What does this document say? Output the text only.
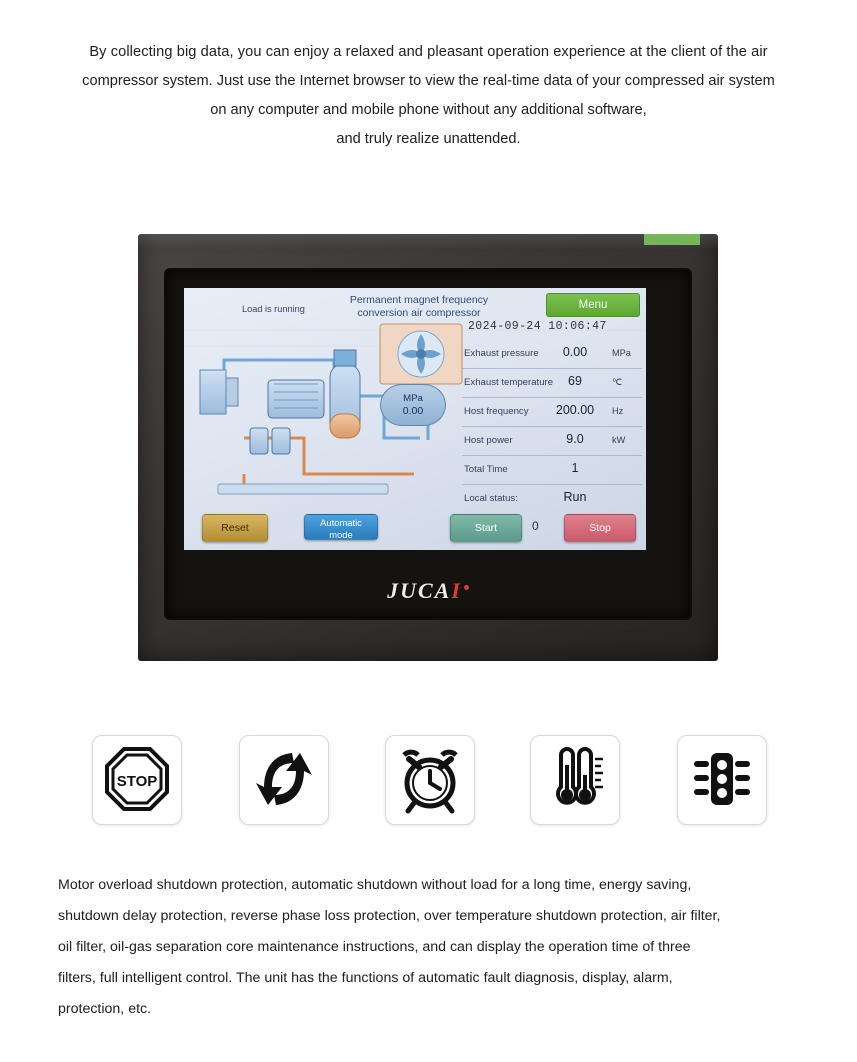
By collecting big data, you can enjoy a relaxed and pleasant operation experience at the client of the air
compressor system. Just use the Internet browser to view the real-time data of your compressed air system
on any computer and mobile phone without any additional software,
and truly realize unattended.
Permanent magnet frequency
conversion air compressor
Menu
2024-09-24 10:06:47
Load is running
MPa
0.00
Exhaust pressure	0.00	MPa
Exhaust temperature	69	℃
Host frequency	200.00	Hz
Host power	9.0	kW
Total Time	1
Local status:	Run
Reset	Automatic
mode
Start	0	Stop
JUCAI
STOP
Motor overload shutdown protection, automatic shutdown without load for a long time, energy saving,
shutdown delay protection, reverse phase loss protection, over temperature shutdown protection, air filter,
oil filter, oil-gas separation core maintenance instructions, and can display the operation time of three
filters, full intelligent control. The unit has the functions of automatic fault diagnosis, display, alarm,
protection, etc.
